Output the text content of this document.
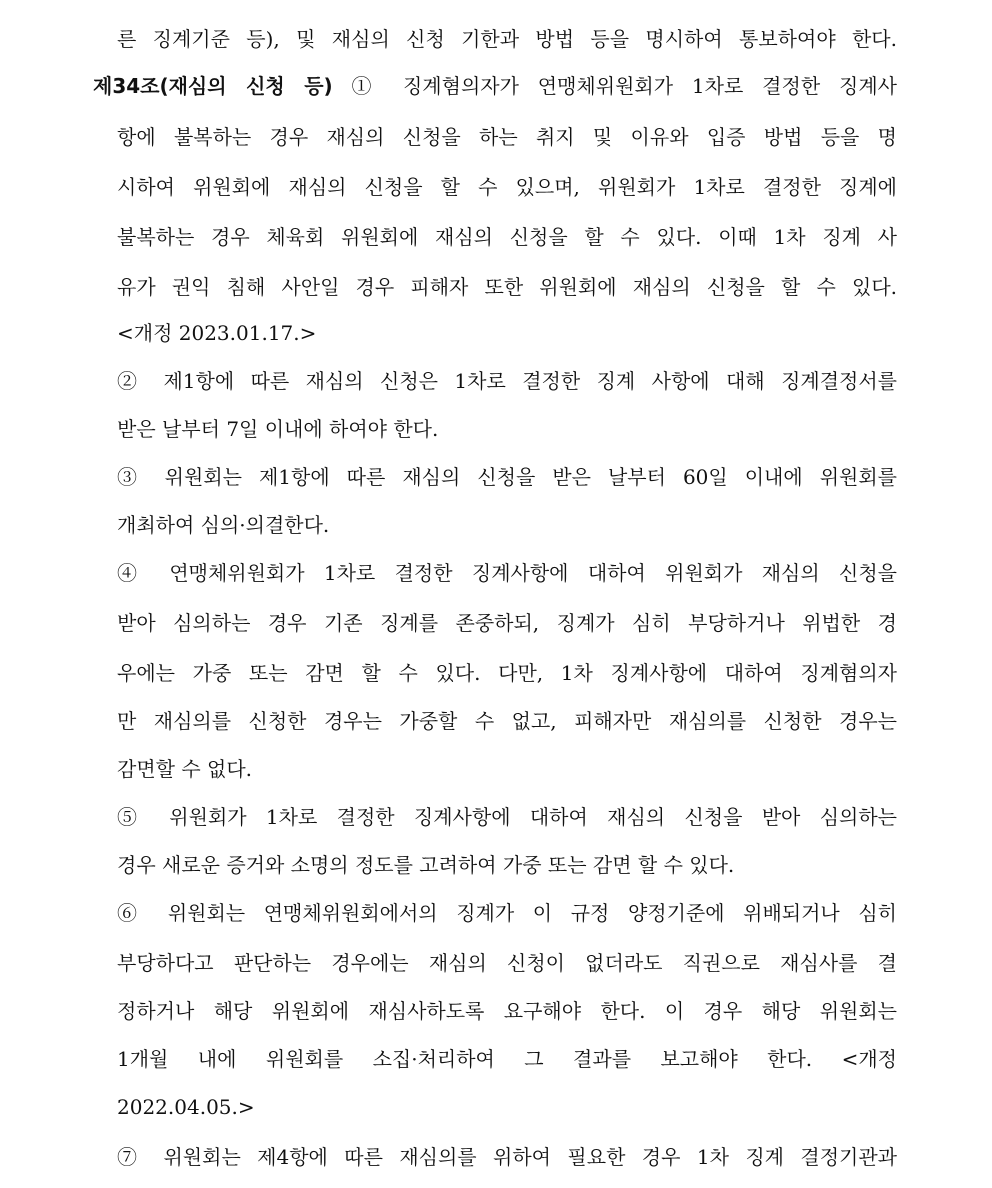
른 징계기준 등), 및 재심의 신청 기한과 방법 등을 명시하여 통보하여야 한다.
제34조(재심의 신청 등) ① 징계혐의자가 연맹체위원회가 1차로 결정한 징계사
항에 불복하는 경우 재심의 신청을 하는 취지 및 이유와 입증 방법 등을 명
시하여 위원회에 재심의 신청을 할 수 있으며, 위원회가 1차로 결정한 징계에
불복하는 경우 체육회 위원회에 재심의 신청을 할 수 있다. 이때 1차 징계 사
유가 권익 침해 사안일 경우 피해자 또한 위원회에 재심의 신청을 할 수 있다.
<개정 2023.01.17.>
② 제1항에 따른 재심의 신청은 1차로 결정한 징계 사항에 대해 징계결정서를
받은 날부터 7일 이내에 하여야 한다.
③ 위원회는 제1항에 따른 재심의 신청을 받은 날부터 60일 이내에 위원회를
개최하여 심의·의결한다.
④ 연맹체위원회가 1차로 결정한 징계사항에 대하여 위원회가 재심의 신청을
받아 심의하는 경우 기존 징계를 존중하되, 징계가 심히 부당하거나 위법한 경
우에는 가중 또는 감면 할 수 있다. 다만, 1차 징계사항에 대하여 징계혐의자
만 재심의를 신청한 경우는 가중할 수 없고, 피해자만 재심의를 신청한 경우는
감면할 수 없다.
⑤ 위원회가 1차로 결정한 징계사항에 대하여 재심의 신청을 받아 심의하는
경우 새로운 증거와 소명의 정도를 고려하여 가중 또는 감면 할 수 있다.
⑥ 위원회는 연맹체위원회에서의 징계가 이 규정 양정기준에 위배되거나 심히
부당하다고 판단하는 경우에는 재심의 신청이 없더라도 직권으로 재심사를 결
정하거나 해당 위원회에 재심사하도록 요구해야 한다. 이 경우 해당 위원회는
1개월 내에 위원회를 소집·처리하여 그 결과를 보고해야 한다. <개정
2022.04.05.>
⑦ 위원회는 제4항에 따른 재심의를 위하여 필요한 경우 1차 징계 결정기관과
